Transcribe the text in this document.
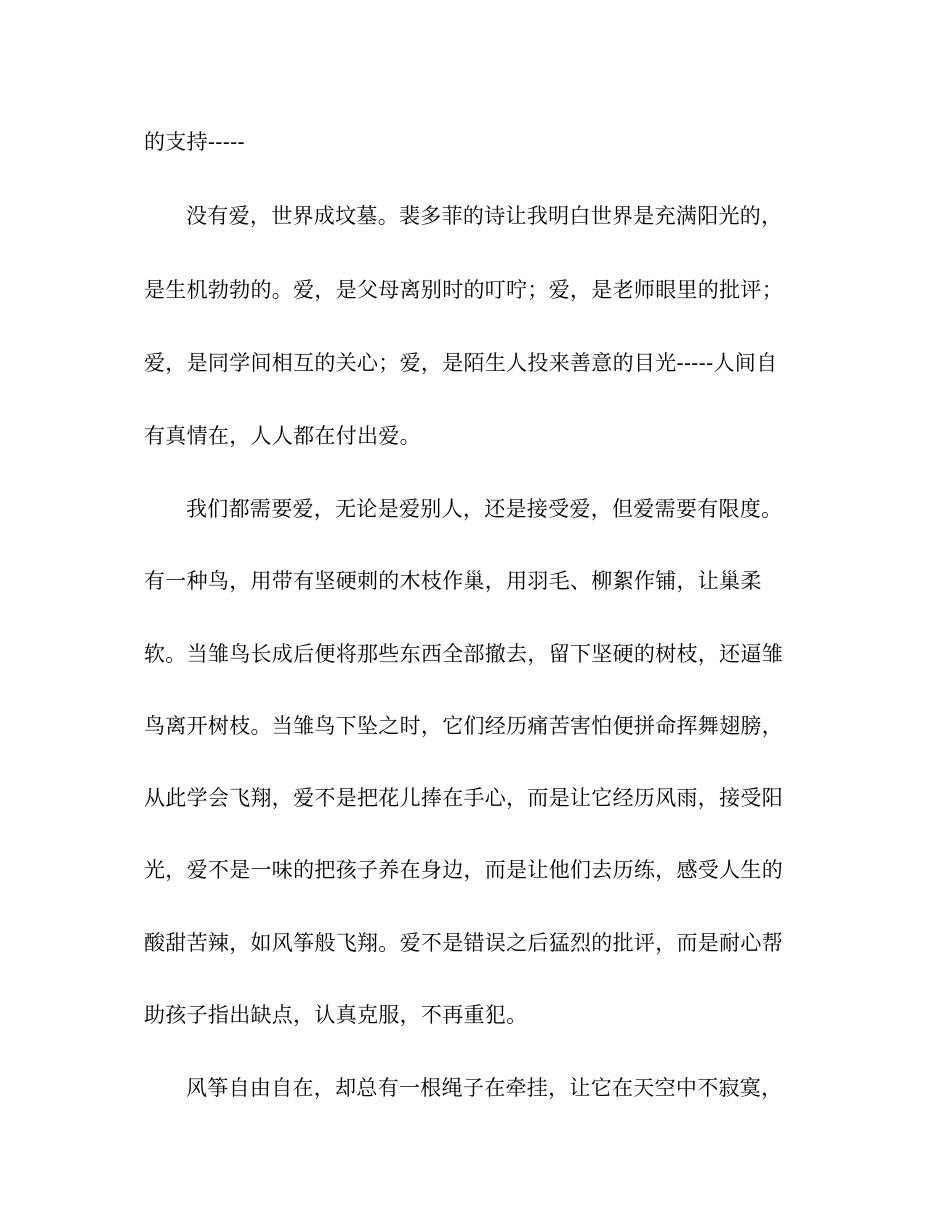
的支持-----
没有爱，世界成坟墓。裴多菲的诗让我明白世界是充满阳光的，
是生机勃勃的。爱，是父母离别时的叮咛；爱，是老师眼里的批评；
爱，是同学间相互的关心；爱，是陌生人投来善意的目光-----人间自
有真情在，人人都在付出爱。
我们都需要爱，无论是爱别人，还是接受爱，但爱需要有限度。
有一种鸟，用带有坚硬刺的木枝作巢，用羽毛、柳絮作铺，让巢柔
软。当雏鸟长成后便将那些东西全部撤去，留下坚硬的树枝，还逼雏
鸟离开树枝。当雏鸟下坠之时，它们经历痛苦害怕便拼命挥舞翅膀，
从此学会飞翔，爱不是把花儿捧在手心，而是让它经历风雨，接受阳
光，爱不是一味的把孩子养在身边，而是让他们去历练，感受人生的
酸甜苦辣，如风筝般飞翔。爱不是错误之后猛烈的批评，而是耐心帮
助孩子指出缺点，认真克服，不再重犯。
风筝自由自在，却总有一根绳子在牵挂，让它在天空中不寂寞，
